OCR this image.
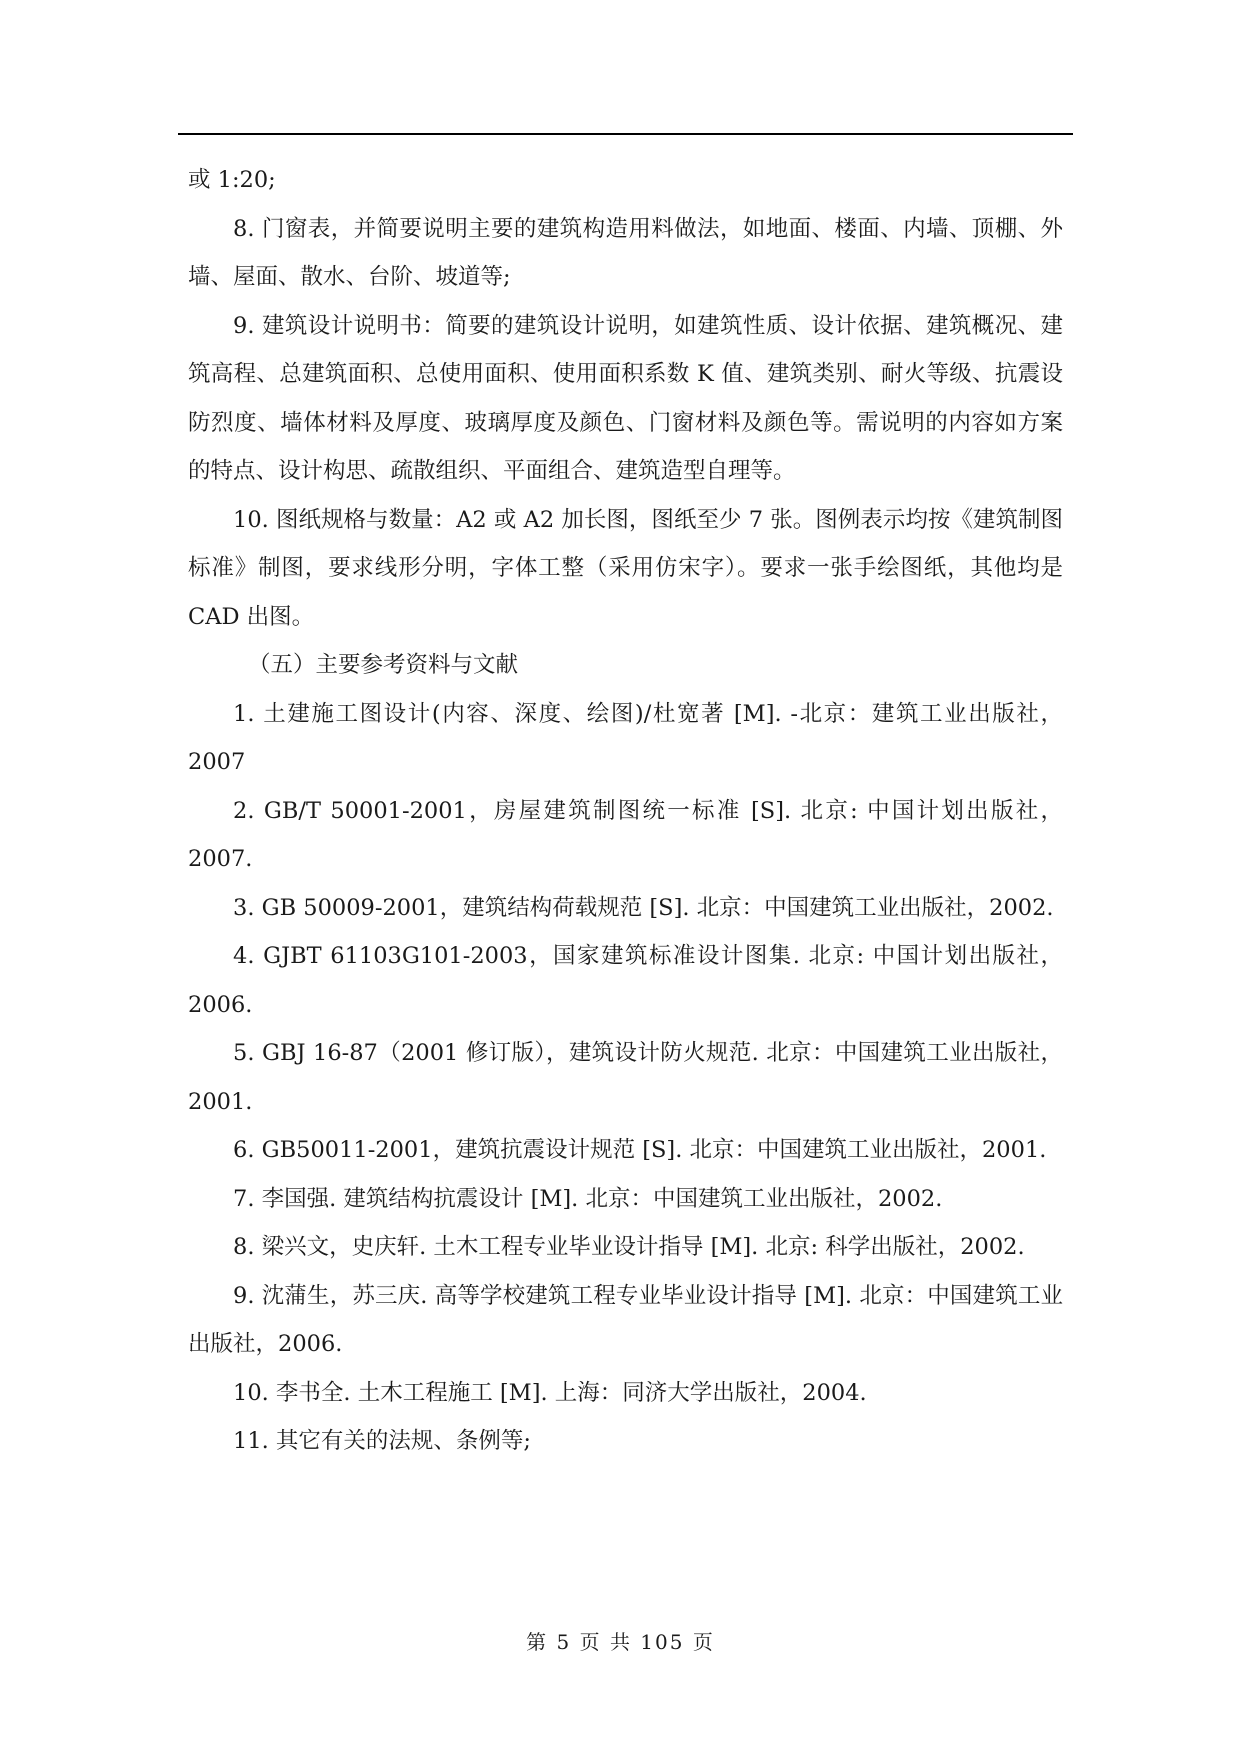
或 1:20;

8. 门窗表，并简要说明主要的建筑构造用料做法，如地面、楼面、内墙、顶棚、外墙、屋面、散水、台阶、坡道等;

9. 建筑设计说明书：简要的建筑设计说明，如建筑性质、设计依据、建筑概况、建筑高程、总建筑面积、总使用面积、使用面积系数 K 值、建筑类别、耐火等级、抗震设防烈度、墙体材料及厚度、玻璃厚度及颜色、门窗材料及颜色等。需说明的内容如方案的特点、设计构思、疏散组织、平面组合、建筑造型自理等。

10. 图纸规格与数量：A2 或 A2 加长图，图纸至少 7 张。图例表示均按《建筑制图标准》制图，要求线形分明，字体工整（采用仿宋字）。要求一张手绘图纸，其他均是 CAD 出图。

（五）主要参考资料与文献

1. 土建施工图设计(内容、深度、绘图)/杜宽著 [M]. -北京：建筑工业出版社，2007

2. GB/T 50001-2001，房屋建筑制图统一标准 [S]. 北京: 中国计划出版社，2007.

3. GB 50009-2001，建筑结构荷载规范 [S]. 北京：中国建筑工业出版社，2002.

4. GJBT 61103G101-2003，国家建筑标准设计图集. 北京: 中国计划出版社，2006.

5. GBJ 16-87（2001 修订版），建筑设计防火规范. 北京：中国建筑工业出版社，2001.

6. GB50011-2001，建筑抗震设计规范 [S]. 北京：中国建筑工业出版社，2001.

7. 李国强. 建筑结构抗震设计 [M]. 北京：中国建筑工业出版社，2002.

8. 梁兴文，史庆轩. 土木工程专业毕业设计指导 [M]. 北京: 科学出版社，2002.

9. 沈蒲生，苏三庆. 高等学校建筑工程专业毕业设计指导 [M]. 北京：中国建筑工业出版社，2006.

10. 李书全. 土木工程施工 [M]. 上海：同济大学出版社，2004.

11. 其它有关的法规、条例等;

第 5 页 共 105 页
